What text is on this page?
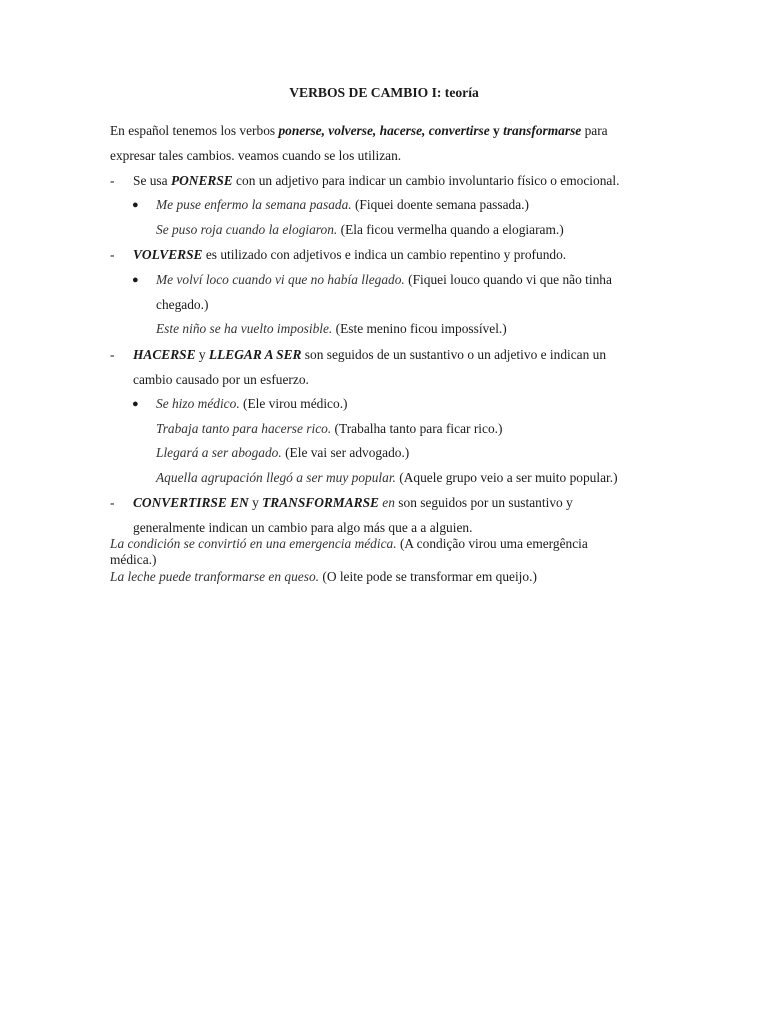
VERBOS DE CAMBIO I: teoría
En español tenemos los verbos ponerse, volverse, hacerse, convertirse y transformarse para
expresar tales cambios. veamos cuando se los utilizan.
- Se usa PONERSE con un adjetivo para indicar un cambio involuntario físico o emocional.
● Me puse enfermo la semana pasada. (Fiquei doente semana passada.)
Se puso roja cuando la elogiaron. (Ela ficou vermelha quando a elogiaram.)
- VOLVERSE es utilizado con adjetivos e indica un cambio repentino y profundo.
● Me volví loco cuando vi que no había llegado. (Fiquei louco quando vi que não tinha
chegado.)
Este niño se ha vuelto imposible. (Este menino ficou impossível.)
- HACERSE y LLEGAR A SER son seguidos de un sustantivo o un adjetivo e indican un
cambio causado por un esfuerzo.
● Se hizo médico. (Ele virou médico.)
Trabaja tanto para hacerse rico. (Trabalha tanto para ficar rico.)
Llegará a ser abogado. (Ele vai ser advogado.)
Aquella agrupación llegó a ser muy popular. (Aquele grupo veio a ser muito popular.)
- CONVERTIRSE EN y TRANSFORMARSE en son seguidos por un sustantivo y
generalmente indican un cambio para algo más que a a alguien.
La condición se convirtió en una emergencia médica. (A condição virou uma emergência
médica.)
La leche puede tranformarse en queso. (O leite pode se transformar em queijo.)
